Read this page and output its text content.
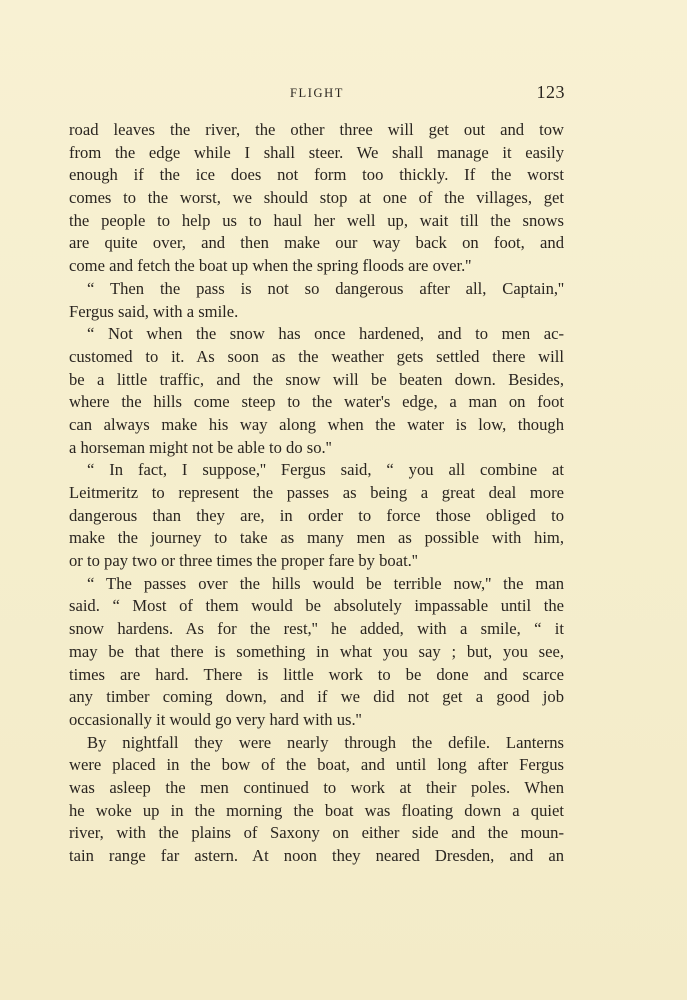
FLIGHT	123
road leaves the river, the other three will get out and tow
from the edge while I shall steer. We shall manage it easily
enough if the ice does not form too thickly. If the worst
comes to the worst, we should stop at one of the villages, get
the people to help us to haul her well up, wait till the snows
are quite over, and then make our way back on foot, and
come and fetch the boat up when the spring floods are over.''
“ Then the pass is not so dangerous after all, Captain,''
Fergus said, with a smile.
“ Not when the snow has once hardened, and to men ac-
customed to it. As soon as the weather gets settled there will
be a little traffic, and the snow will be beaten down. Besides,
where the hills come steep to the water's edge, a man on foot
can always make his way along when the water is low, though
a horseman might not be able to do so.''
“ In fact, I suppose,'' Fergus said, “ you all combine at
Leitmeritz to represent the passes as being a great deal more
dangerous than they are, in order to force those obliged to
make the journey to take as many men as possible with him,
or to pay two or three times the proper fare by boat.''
“ The passes over the hills would be terrible now,'' the man
said. “ Most of them would be absolutely impassable until the
snow hardens. As for the rest,'' he added, with a smile, “ it
may be that there is something in what you say ; but, you see,
times are hard. There is little work to be done and scarce
any timber coming down, and if we did not get a good job
occasionally it would go very hard with us.''
By nightfall they were nearly through the defile. Lanterns
were placed in the bow of the boat, and until long after Fergus
was asleep the men continued to work at their poles. When
he woke up in the morning the boat was floating down a quiet
river, with the plains of Saxony on either side and the moun-
tain range far astern. At noon they neared Dresden, and an
